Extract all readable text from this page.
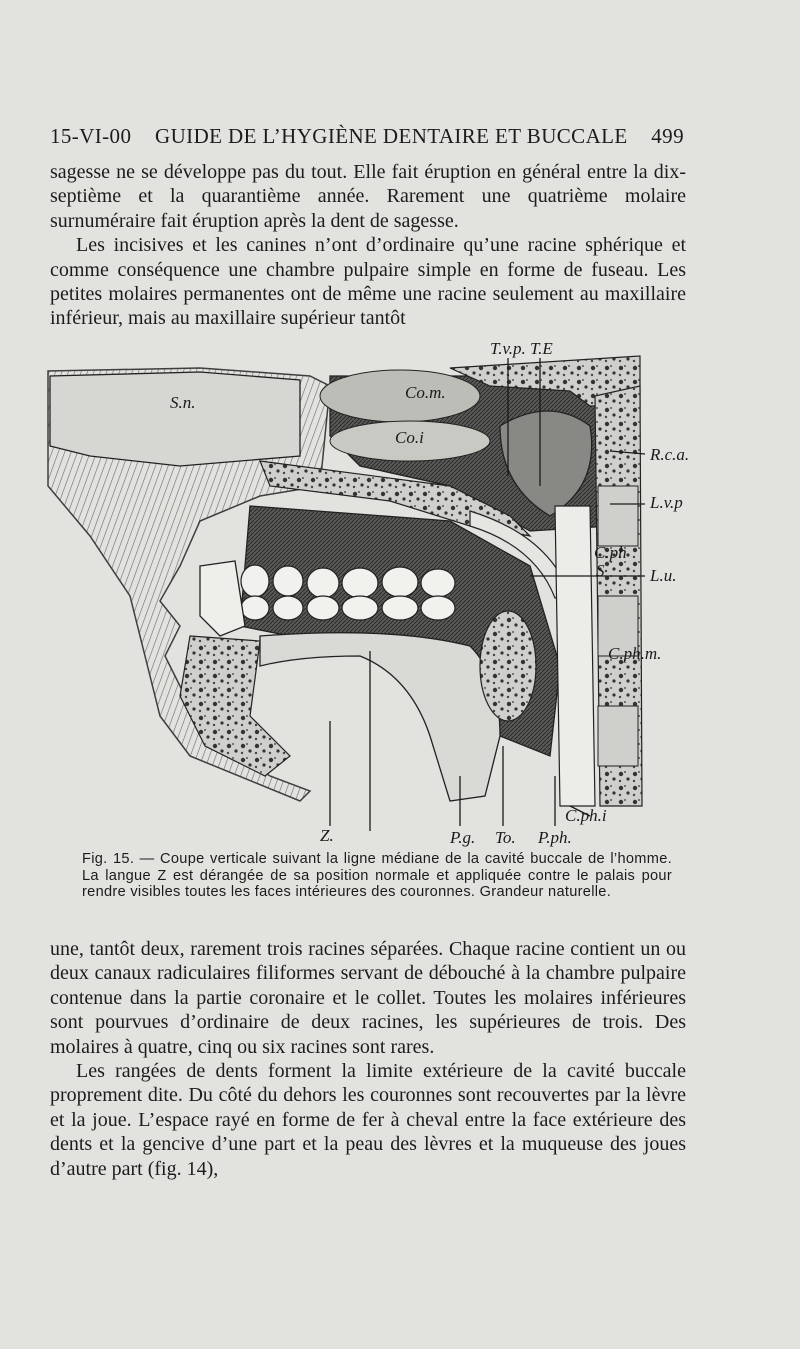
15-VI-00 GUIDE DE L’HYGIÈNE DENTAIRE ET BUCCALE 499

sagesse ne se développe pas du tout. Elle fait éruption en général entre la dix-septième et la quarantième année. Rarement une quatrième molaire surnuméraire fait éruption après la dent de sagesse.

Les incisives et les canines n’ont d’ordinaire qu’une racine sphérique et comme conséquence une chambre pulpaire simple en forme de fuseau. Les petites molaires permanentes ont de même une racine seulement au maxillaire inférieur, mais au maxillaire supérieur tantôt

T.v.p. T.E
S.n.
Co.m.
Co.i
R.c.a.
L.v.p
C.ph
S	L.u.
C.ph.m.
C.ph.i
Z.	P.g. To. P.ph.
Fig. 15. — Coupe verticale suivant la ligne médiane de la cavité buccale de l’homme. La langue Z est dérangée de sa position normale et appliquée contre le palais pour rendre visibles toutes les faces intérieures des couronnes. Grandeur naturelle.

une, tantôt deux, rarement trois racines séparées. Chaque racine contient un ou deux canaux radiculaires filiformes servant de débouché à la chambre pulpaire contenue dans la partie coronaire et le collet. Toutes les molaires inférieures sont pourvues d’ordinaire de deux racines, les supérieures de trois. Des molaires à quatre, cinq ou six racines sont rares.

Les rangées de dents forment la limite extérieure de la cavité buccale proprement dite. Du côté du dehors les couronnes sont recouvertes par la lèvre et la joue. L’espace rayé en forme de fer à cheval entre la face extérieure des dents et la gencive d’une part et la peau des lèvres et la muqueuse des joues d’autre part (fig. 14),
